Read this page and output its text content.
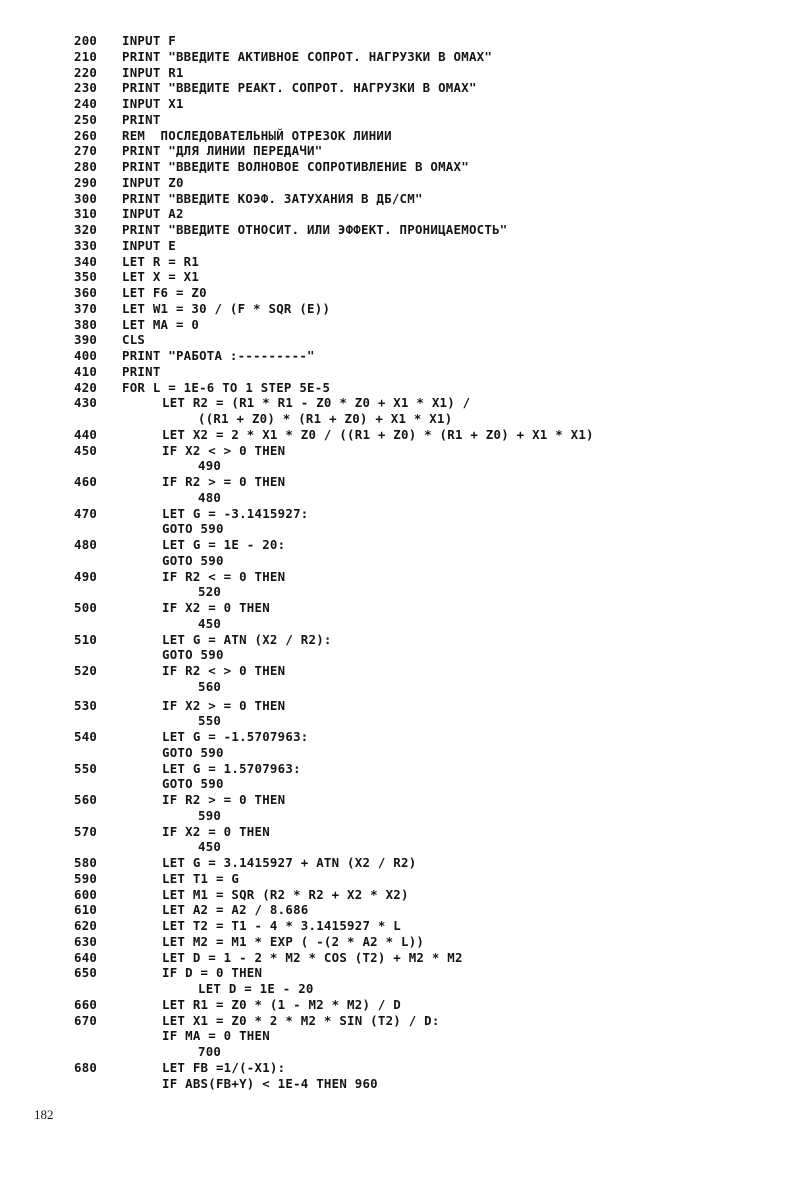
200	INPUT F
210	PRINT "ВВЕДИТЕ АКТИВНОЕ СОПРОТ. НАГРУЗКИ В ОМАХ"
220	INPUT R1
230	PRINT "ВВЕДИТЕ РЕАКТ. СОПРОТ. НАГРУЗКИ В ОМАХ"
240	INPUT X1
250	PRINT
260	REM  ПОСЛЕДОВАТЕЛЬНЫЙ ОТРЕЗОК ЛИНИИ
270	PRINT "ДЛЯ ЛИНИИ ПЕРЕДАЧИ"
280	PRINT "ВВЕДИТЕ ВОЛНОВОЕ СОПРОТИВЛЕНИЕ В ОМАХ"
290	INPUT Z0
300	PRINT "ВВЕДИТЕ КОЭФ. ЗАТУХАНИЯ В ДБ/СМ"
310	INPUT A2
320	PRINT "ВВЕДИТЕ ОТНОСИТ. ИЛИ ЭФФЕКТ. ПРОНИЦАЕМОСТЬ"
330	INPUT E
340	LET R = R1
350	LET X = X1
360	LET F6 = Z0
370	LET W1 = 30 / (F * SQR (E))
380	LET MA = 0
390	CLS
400	PRINT "РАБОТА :---------"
410	PRINT
420	FOR L = 1E-6 TO 1 STEP 5E-5
430	LET R2 = (R1 * R1 - Z0 * Z0 + X1 * X1) /
((R1 + Z0) * (R1 + Z0) + X1 * X1)
440	LET X2 = 2 * X1 * Z0 / ((R1 + Z0) * (R1 + Z0) + X1 * X1)
450	IF X2 < > 0 THEN
490
460	IF R2 > = 0 THEN
480
470	LET G = -3.1415927:
GOTO 590
480	LET G = 1E - 20:
GOTO 590
490	IF R2 < = 0 THEN
520
500	IF X2 = 0 THEN
450
510	LET G = ATN (X2 / R2):
GOTO 590
520	IF R2 < > 0 THEN
560
530	IF X2 > = 0 THEN
550
540	LET G = -1.5707963:
GOTO 590
550	LET G = 1.5707963:
GOTO 590
560	IF R2 > = 0 THEN
590
570	IF X2 = 0 THEN
450
580	LET G = 3.1415927 + ATN (X2 / R2)
590	LET T1 = G
600	LET M1 = SQR (R2 * R2 + X2 * X2)
610	LET A2 = A2 / 8.686
620	LET T2 = T1 - 4 * 3.1415927 * L
630	LET M2 = M1 * EXP ( -(2 * A2 * L))
640	LET D = 1 - 2 * M2 * COS (T2) + M2 * M2
650	IF D = 0 THEN
LET D = 1E - 20
660	LET R1 = Z0 * (1 - M2 * M2) / D
670	LET X1 = Z0 * 2 * M2 * SIN (T2) / D:
IF MA = 0 THEN
700
680	LET FB =1/(-X1):
IF ABS(FB+Y) < 1E-4 THEN 960
182
